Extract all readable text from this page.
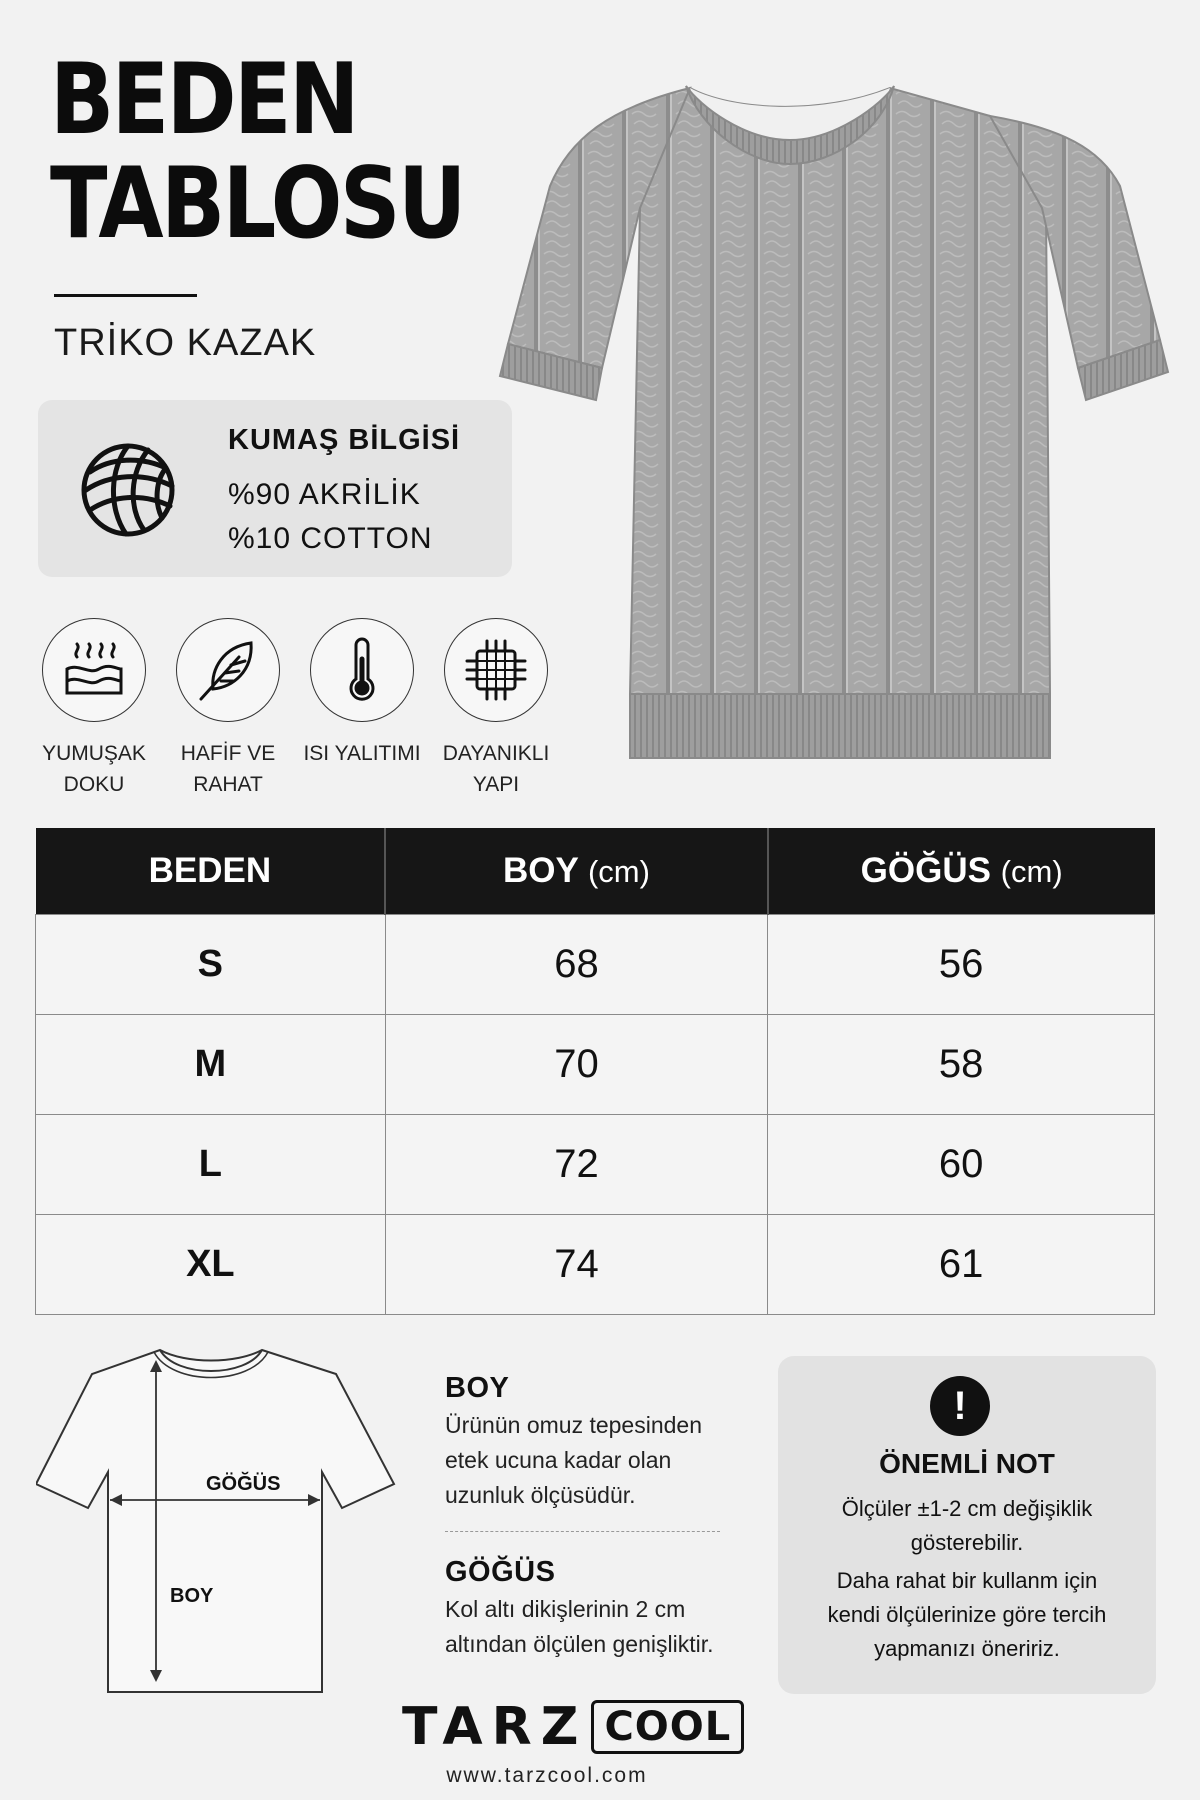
BEDEN
TABLOSU
TRİKO KAZAK
KUMAŞ BİLGİSİ
%90 AKRİLİK
%10 COTTON
YUMUŞAK
DOKU
HAFİF VE
RAHAT
ISI YALITIMI	DAYANIKLI
YAPI
BEDEN	BOY (cm)	GÖĞÜS (cm)
S	68	56
M	70	58
L	72	60
XL	74	61
GÖĞÜS
BOY
BOY
Ürünün omuz tepesinden etek ucuna kadar olan uzunluk ölçüsüdür.
GÖĞÜS
Kol altı dikişlerinin 2 cm altından ölçülen genişliktir.
!
ÖNEMLİ NOT
Ölçüler ±1-2 cm değişiklik gösterebilir.
Daha rahat bir kullanm için kendi ölçülerinize göre tercih yapmanızı öneririz.
TARZ COOL
www.tarzcool.com
